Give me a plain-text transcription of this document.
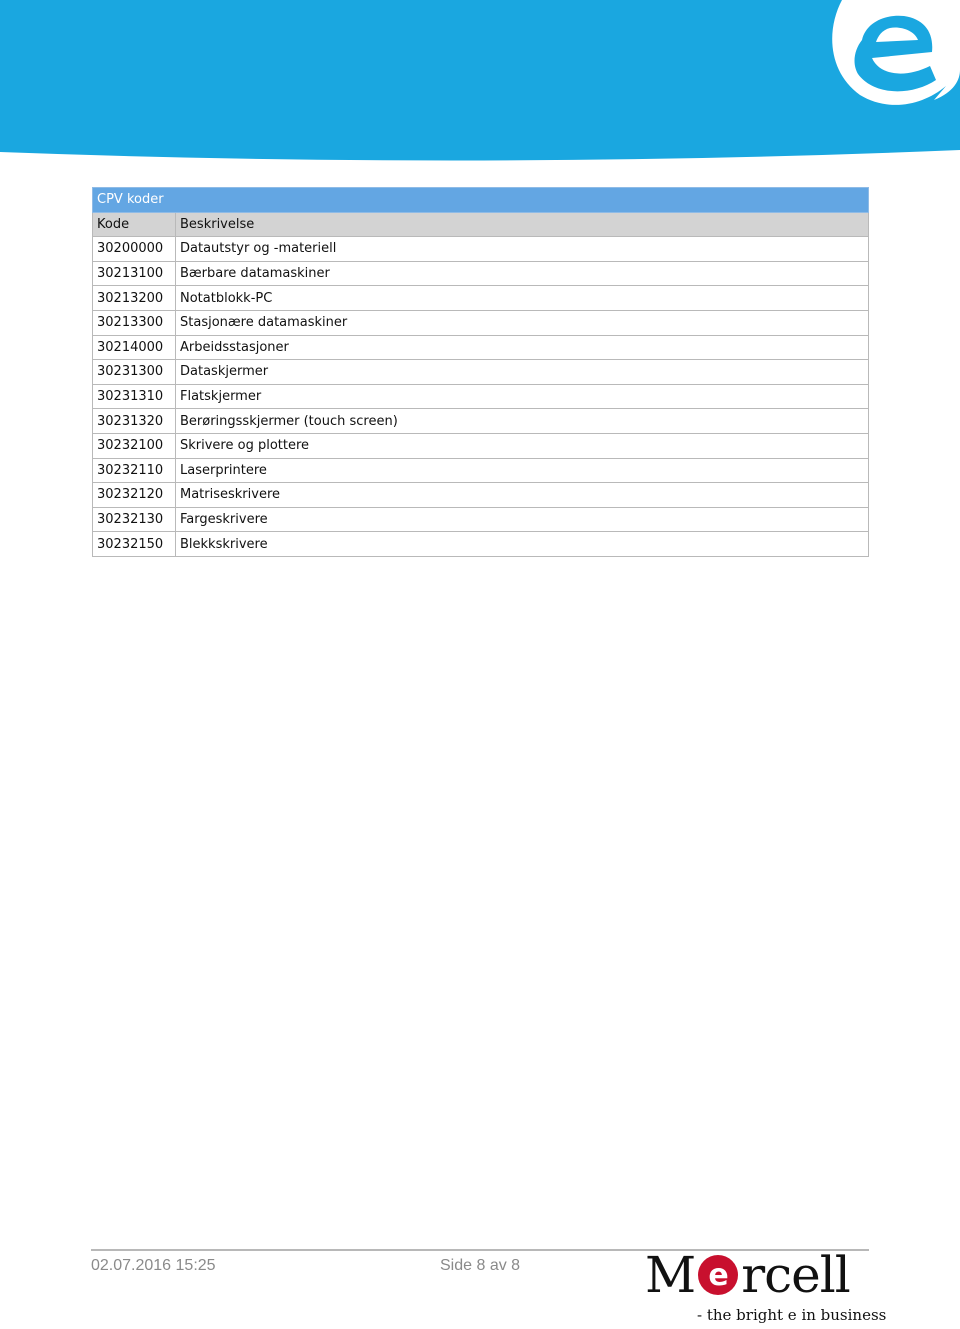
CPV koder	
Kode	Beskrivelse
30200000	Datautstyr og -materiell
30213100	Bærbare datamaskiner
30213200	Notatblokk-PC
30213300	Stasjonære datamaskiner
30214000	Arbeidsstasjoner
30231300	Dataskjermer
30231310	Flatskjermer
30231320	Berøringsskjermer (touch screen)
30232100	Skrivere og plottere
30232110	Laserprintere
30232120	Matriseskrivere
30232130	Fargeskrivere
30232150	Blekkskrivere
02.07.2016 15:25	Side 8 av 8 M e rcell
- the bright e in business
